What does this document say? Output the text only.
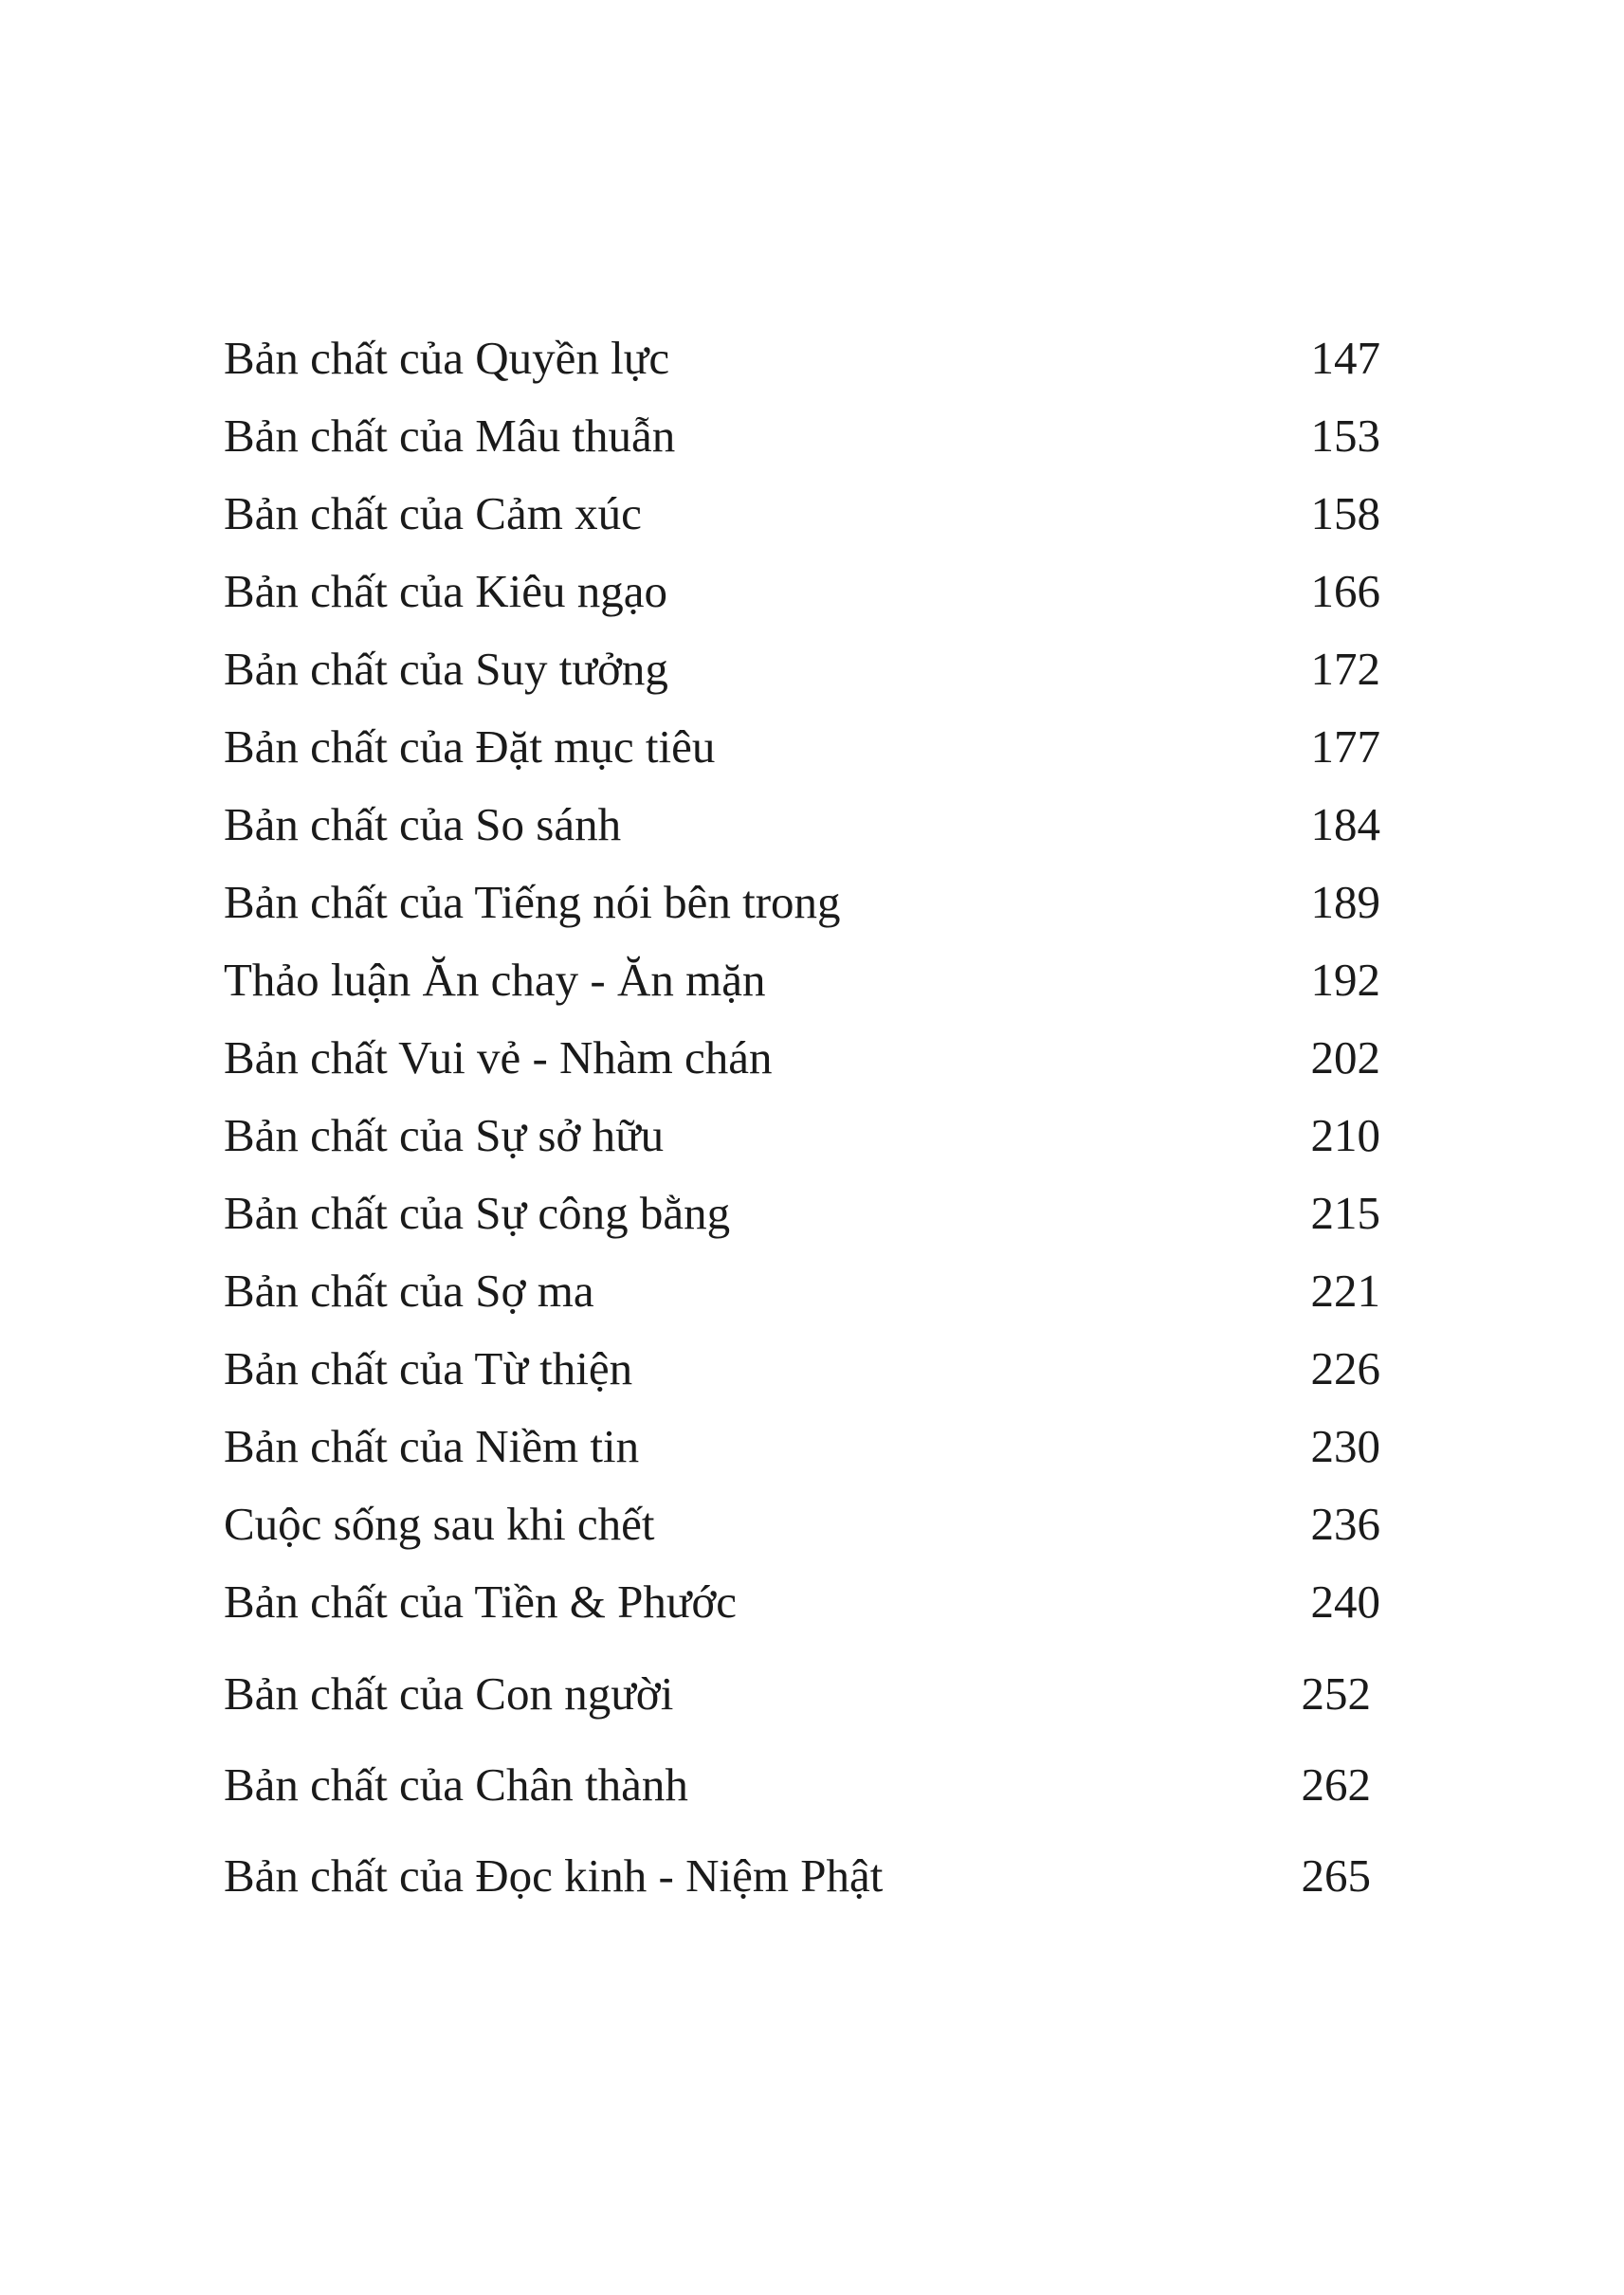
Bản chất của Quyền lực	147
Bản chất của Mâu thuẫn	153
Bản chất của Cảm xúc	158
Bản chất của Kiêu ngạo	166
Bản chất của Suy tưởng	172
Bản chất của Đặt mục tiêu	177
Bản chất của So sánh	184
Bản chất của Tiếng nói bên trong	189
Thảo luận Ăn chay - Ăn mặn	192
Bản chất Vui vẻ - Nhàm chán	202
Bản chất của Sự sở hữu	210
Bản chất của Sự công bằng	215
Bản chất của Sợ ma	221
Bản chất của Từ thiện	226
Bản chất của Niềm tin	230
Cuộc sống sau khi chết	236
Bản chất của Tiền & Phước	240
Bản chất của Con người	252
Bản chất của Chân thành	262
Bản chất của Đọc kinh - Niệm Phật	265
